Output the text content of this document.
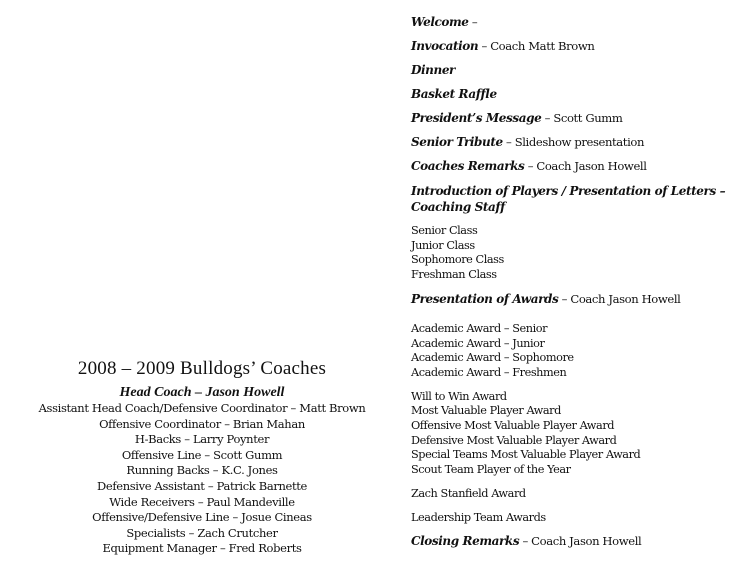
Welcome –
Invocation – Coach Matt Brown
Dinner
Basket Raffle
President’s Message – Scott Gumm
Senior Tribute – Slideshow presentation
Coaches Remarks – Coach Jason Howell
Introduction of Players / Presentation of Letters – Coaching Staff
Senior Class
Junior Class
Sophomore Class
Freshman Class
Presentation of Awards – Coach Jason Howell
Academic Award – Senior
Academic Award – Junior
Academic Award – Sophomore
Academic Award – Freshmen
Will to Win Award
Most Valuable Player Award
Offensive Most Valuable Player Award
Defensive Most Valuable Player Award
Special Teams Most Valuable Player Award
Scout Team Player of the Year
Zach Stanfield Award
Leadership Team Awards
Closing Remarks – Coach Jason Howell
2008 – 2009 Bulldogs’ Coaches
Head Coach – Jason Howell
Assistant Head Coach/Defensive Coordinator – Matt Brown
Offensive Coordinator – Brian Mahan
H-Backs – Larry Poynter
Offensive Line – Scott Gumm
Running Backs – K.C. Jones
Defensive Assistant – Patrick Barnette
Wide Receivers – Paul Mandeville
Offensive/Defensive Line – Josue Cineas
Specialists – Zach Crutcher
Equipment Manager – Fred Roberts
